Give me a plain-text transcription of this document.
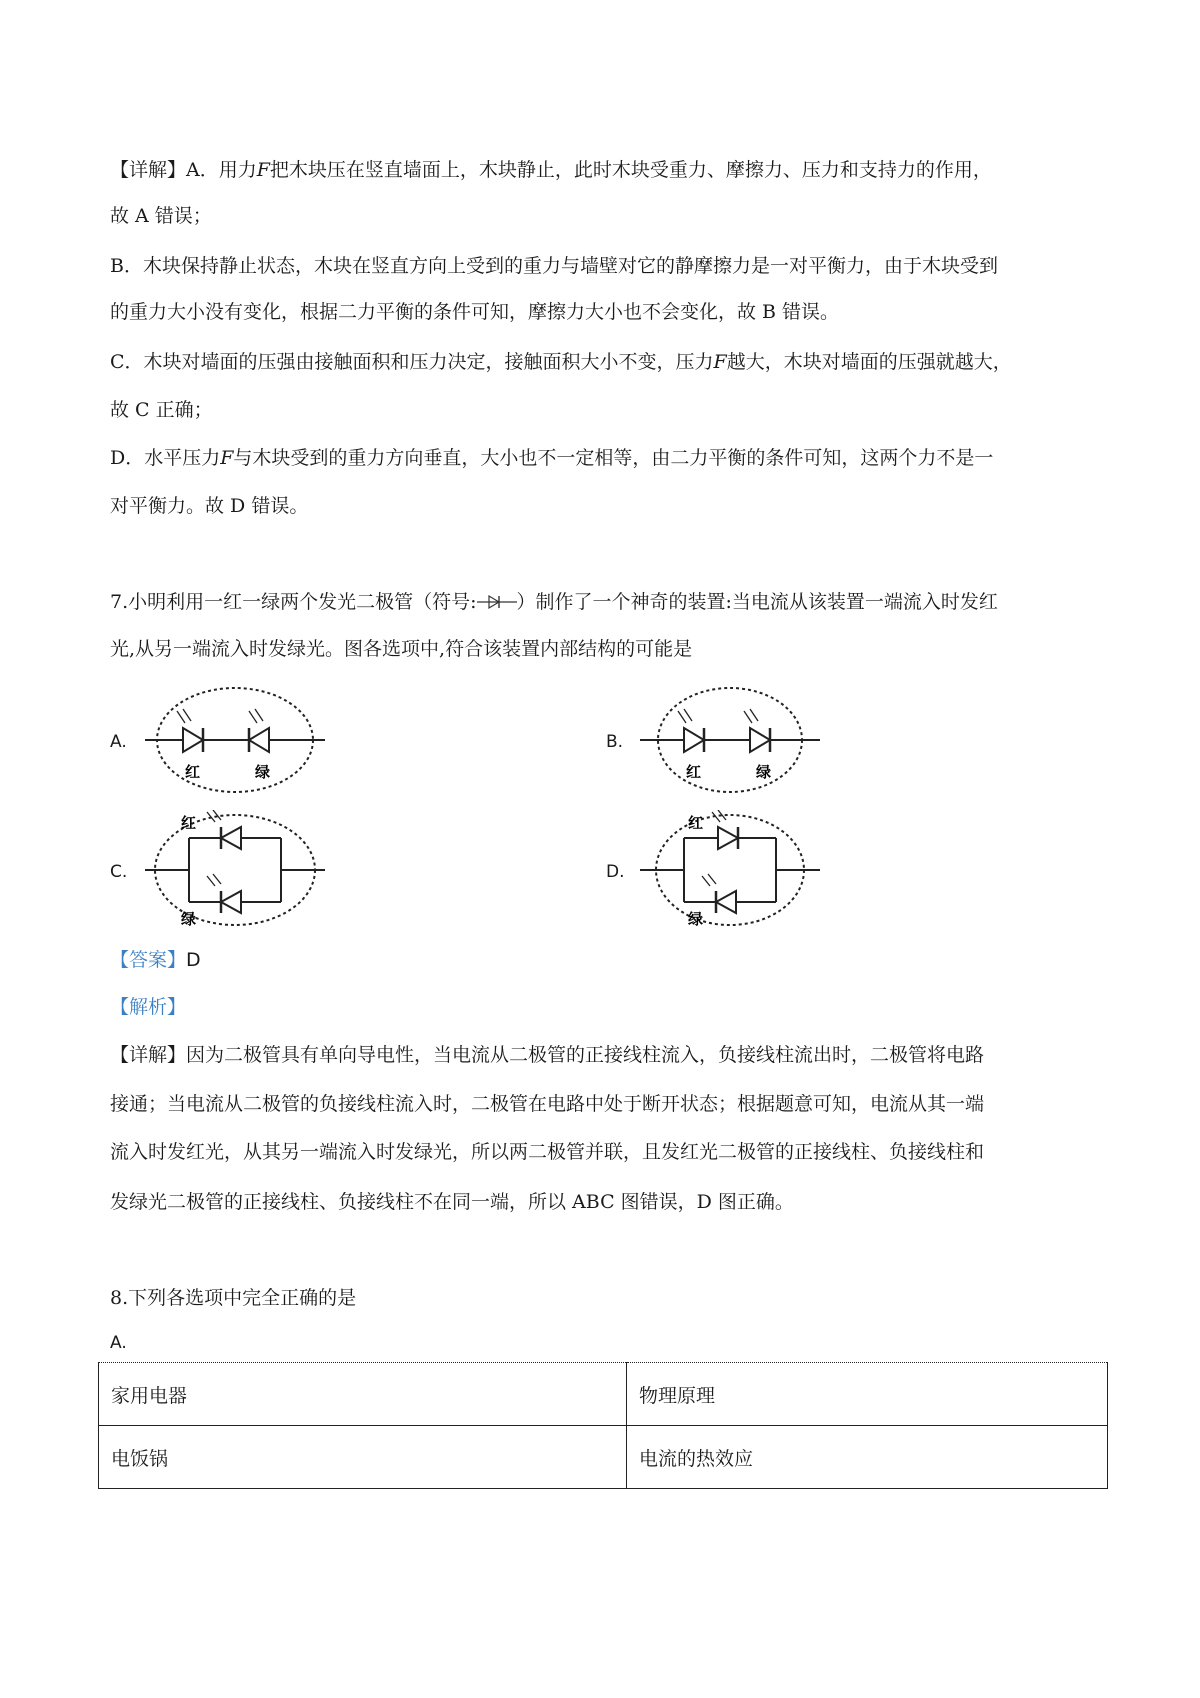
【详解】A．用力F把木块压在竖直墙面上，木块静止，此时木块受重力、摩擦力、压力和支持力的作用，
故 A 错误；
B．木块保持静止状态，木块在竖直方向上受到的重力与墙壁对它的静摩擦力是一对平衡力，由于木块受到
的重力大小没有变化，根据二力平衡的条件可知，摩擦力大小也不会变化，故 B 错误。
C．木块对墙面的压强由接触面积和压力决定，接触面积大小不变，压力F越大，木块对墙面的压强就越大，
故 C 正确；
D．水平压力F与木块受到的重力方向垂直，大小也不一定相等，由二力平衡的条件可知，这两个力不是一
对平衡力。故 D 错误。
7.小明利用一红一绿两个发光二极管（符号: ）制作了一个神奇的装置:当电流从该装置一端流入时发红
光,从另一端流入时发绿光。图各选项中,符合该装置内部结构的可能是
A.
红	绿
B.
红	绿
C.
红
绿
D.
红
绿
【答案】D
【解析】
【详解】因为二极管具有单向导电性，当电流从二极管的正接线柱流入，负接线柱流出时，二极管将电路
接通；当电流从二极管的负接线柱流入时，二极管在电路中处于断开状态；根据题意可知，电流从其一端
流入时发红光，从其另一端流入时发绿光，所以两二极管并联，且发红光二极管的正接线柱、负接线柱和
发绿光二极管的正接线柱、负接线柱不在同一端，所以 ABC 图错误，D 图正确。
8.下列各选项中完全正确的是
A.
家用电器	物理原理
电饭锅	电流的热效应
